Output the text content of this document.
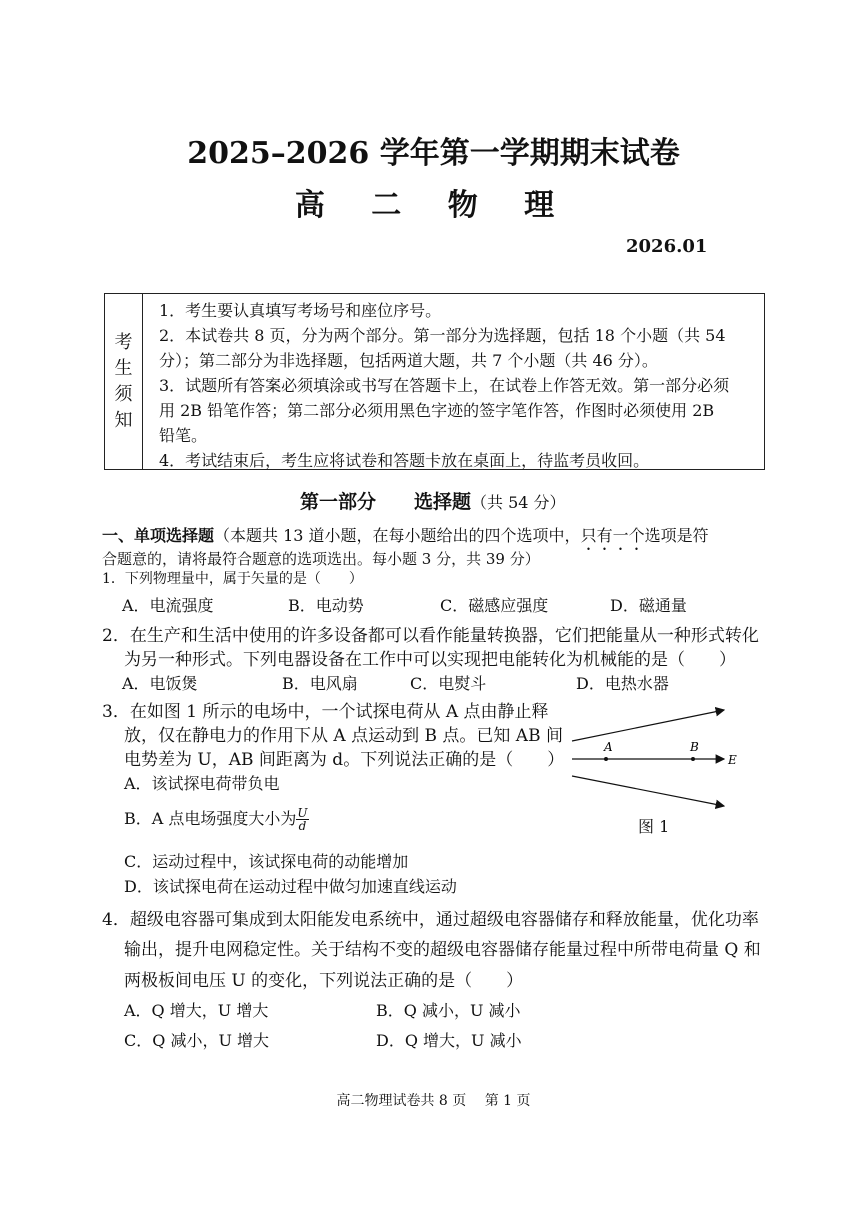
2025–2026 学年第一学期期末试卷
高 二 物 理
2026.01
考
生
须
知
1．考生要认真填写考场号和座位序号。
2．本试卷共 8 页，分为两个部分。第一部分为选择题，包括 18 个小题（共 54
分）；第二部分为非选择题，包括两道大题，共 7 个小题（共 46 分）。
3．试题所有答案必须填涂或书写在答题卡上，在试卷上作答无效。第一部分必须
用 2B 铅笔作答；第二部分必须用黑色字迹的签字笔作答，作图时必须使用 2B
铅笔。
4．考试结束后，考生应将试卷和答题卡放在桌面上，待监考员收回。
第一部分　　选择题（共 54 分）
一、单项选择题（本题共 13 道小题，在每小题给出的四个选项中，只有一个选项是符
合题意的，请将最符合题意的选项选出。每小题 3 分，共 39 分）
1．下列物理量中，属于矢量的是（　　）
A．电流强度	B．电动势	C．磁感应强度	D．磁通量
2．在生产和生活中使用的许多设备都可以看作能量转换器，它们把能量从一种形式转化
为另一种形式。下列电器设备在工作中可以实现把电能转化为机械能的是（　　）
A．电饭煲	B．电风扇	C．电熨斗	D．电热水器
3．在如图 1 所示的电场中，一个试探电荷从 A 点由静止释
放，仅在静电力的作用下从 A 点运动到 B 点。已知 AB 间
电势差为 U，AB 间距离为 d。下列说法正确的是（　　）
A．该试探电荷带负电
B．A 点电场强度大小为 $\frac{U}{d}$
C．运动过程中，该试探电荷的动能增加
D．该试探电荷在运动过程中做匀加速直线运动
A	B
E
图 1
4．超级电容器可集成到太阳能发电系统中，通过超级电容器储存和释放能量，优化功率
输出，提升电网稳定性。关于结构不变的超级电容器储存能量过程中所带电荷量 Q 和
两极板间电压 U 的变化，下列说法正确的是（　　）
A．Q 增大，U 增大	B．Q 减小，U 减小
C．Q 减小，U 增大	D．Q 增大，U 减小
高二物理试卷共 8 页　 第 1 页
